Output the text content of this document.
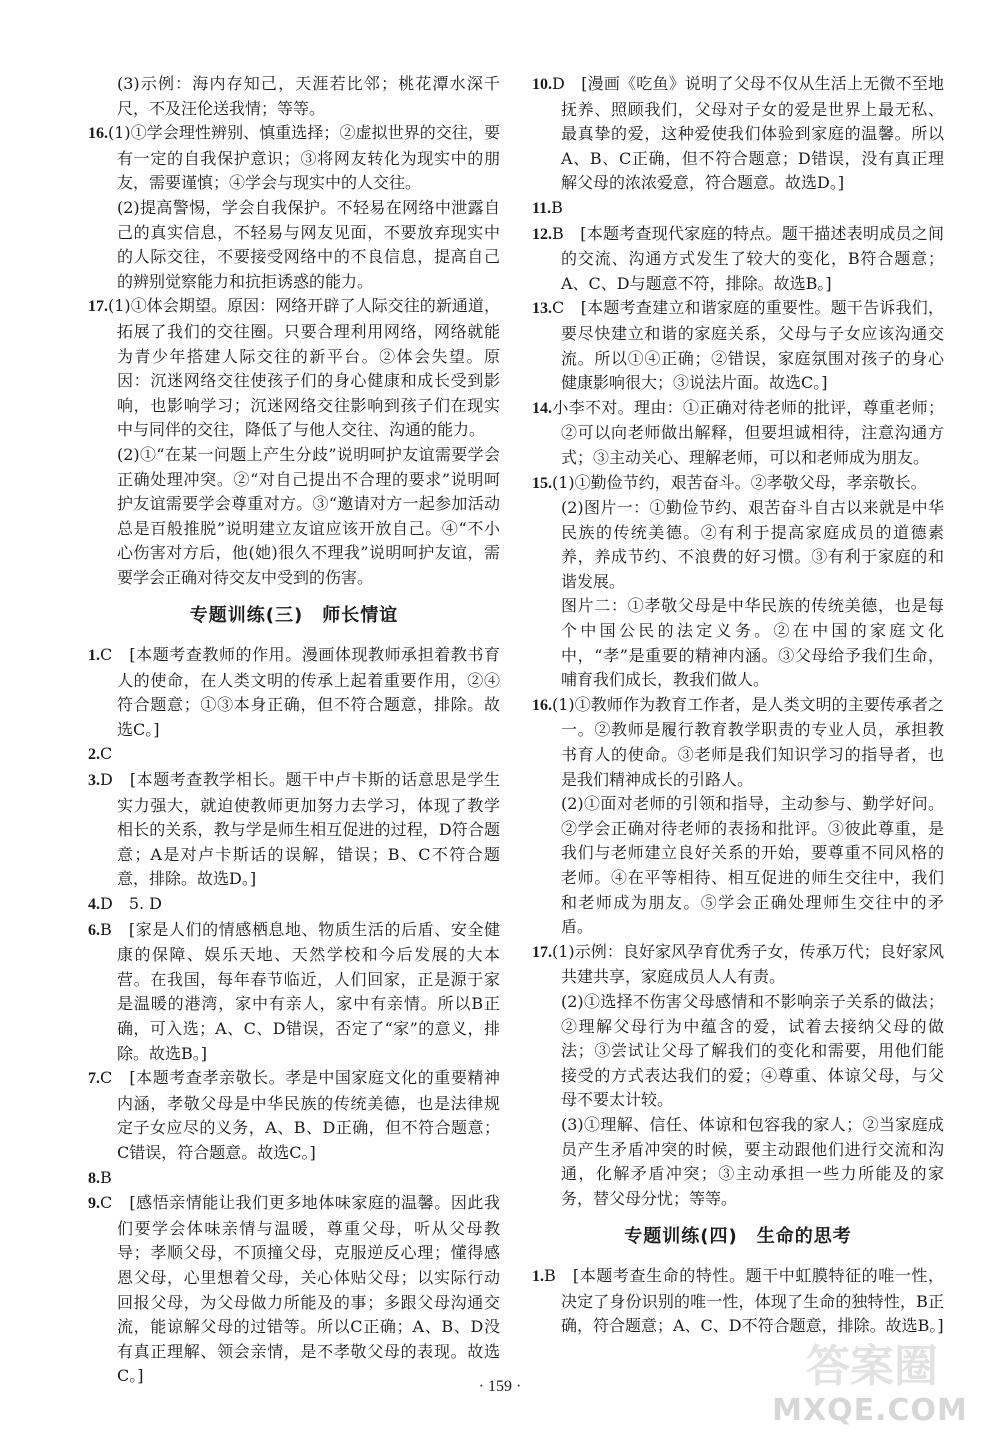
(3)示例：海内存知己，天涯若比邻；桃花潭水深千尺，不及汪伦送我情；等等。

16.(1)①学会理性辨别、慎重选择；②虚拟世界的交往，要有一定的自我保护意识；③将网友转化为现实中的朋友，需要谨慎；④学会与现实中的人交往。

(2)提高警惕，学会自我保护。不轻易在网络中泄露自己的真实信息，不轻易与网友见面，不要放弃现实中的人际交往，不要接受网络中的不良信息，提高自己的辨别觉察能力和抗拒诱惑的能力。

17.(1)①体会期望。原因：网络开辟了人际交往的新通道，拓展了我们的交往圈。只要合理利用网络，网络就能为青少年搭建人际交往的新平台。②体会失望。原因：沉迷网络交往使孩子们的身心健康和成长受到影响，也影响学习；沉迷网络交往影响到孩子们在现实中与同伴的交往，降低了与他人交往、沟通的能力。

(2)①“在某一问题上产生分歧”说明呵护友谊需要学会正确处理冲突。②“对自己提出不合理的要求”说明呵护友谊需要学会尊重对方。③“邀请对方一起参加活动总是百般推脱”说明建立友谊应该开放自己。④“不小心伤害对方后，他(她)很久不理我”说明呵护友谊，需要学会正确对待交友中受到的伤害。

专题训练(三)　师长情谊

1.C　[本题考查教师的作用。漫画体现教师承担着教书育人的使命，在人类文明的传承上起着重要作用，②④符合题意；①③本身正确，但不符合题意，排除。故选C。]

2.C

3.D　[本题考查教学相长。题干中卢卡斯的话意思是学生实力强大，就迫使教师更加努力去学习，体现了教学相长的关系，教与学是师生相互促进的过程，D符合题意；A是对卢卡斯话的误解，错误；B、C不符合题意，排除。故选D。]

4.D　5. D

6.B　[家是人们的情感栖息地、物质生活的后盾、安全健康的保障、娱乐天地、天然学校和今后发展的大本营。在我国，每年春节临近，人们回家，正是源于家是温暖的港湾，家中有亲人，家中有亲情。所以B正确，可入选；A、C、D错误，否定了“家”的意义，排除。故选B。]

7.C　[本题考查孝亲敬长。孝是中国家庭文化的重要精神内涵，孝敬父母是中华民族的传统美德，也是法律规定子女应尽的义务，A、B、D正确，但不符合题意；C错误，符合题意。故选C。]

8.B

9.C　[感悟亲情能让我们更多地体味家庭的温馨。因此我们要学会体味亲情与温暖，尊重父母，听从父母教导；孝顺父母，不顶撞父母，克服逆反心理；懂得感恩父母，心里想着父母，关心体贴父母；以实际行动回报父母，为父母做力所能及的事；多跟父母沟通交流，能谅解父母的过错等。所以C正确；A、B、D没有真正理解、领会亲情，是不孝敬父母的表现。故选C。]

10.D　[漫画《吃鱼》说明了父母不仅从生活上无微不至地抚养、照顾我们，父母对子女的爱是世界上最无私、最真挚的爱，这种爱使我们体验到家庭的温馨。所以A、B、C正确，但不符合题意；D错误，没有真正理解父母的浓浓爱意，符合题意。故选D。]

11.B

12.B　[本题考查现代家庭的特点。题干描述表明成员之间的交流、沟通方式发生了较大的变化，B符合题意；A、C、D与题意不符，排除。故选B。]

13.C　[本题考查建立和谐家庭的重要性。题干告诉我们，要尽快建立和谐的家庭关系，父母与子女应该沟通交流。所以①④正确；②错误，家庭氛围对孩子的身心健康影响很大；③说法片面。故选C。]

14.小李不对。理由：①正确对待老师的批评，尊重老师；②可以向老师做出解释，但要坦诚相待，注意沟通方式；③主动关心、理解老师，可以和老师成为朋友。

15.(1)①勤俭节约，艰苦奋斗。②孝敬父母，孝亲敬长。

(2)图片一：①勤俭节约、艰苦奋斗自古以来就是中华民族的传统美德。②有利于提高家庭成员的道德素养，养成节约、不浪费的好习惯。③有利于家庭的和谐发展。

图片二：①孝敬父母是中华民族的传统美德，也是每个中国公民的法定义务。②在中国的家庭文化中，“孝”是重要的精神内涵。③父母给予我们生命，哺育我们成长，教我们做人。

16.(1)①教师作为教育工作者，是人类文明的主要传承者之一。②教师是履行教育教学职责的专业人员，承担教书育人的使命。③老师是我们知识学习的指导者，也是我们精神成长的引路人。

(2)①面对老师的引领和指导，主动参与、勤学好问。②学会正确对待老师的表扬和批评。③彼此尊重，是我们与老师建立良好关系的开始，要尊重不同风格的老师。④在平等相待、相互促进的师生交往中，我们和老师成为朋友。⑤学会正确处理师生交往中的矛盾。

17.(1)示例：良好家风孕育优秀子女，传承万代；良好家风共建共享，家庭成员人人有责。

(2)①选择不伤害父母感情和不影响亲子关系的做法；②理解父母行为中蕴含的爱，试着去接纳父母的做法；③尝试让父母了解我们的变化和需要，用他们能接受的方式表达我们的爱；④尊重、体谅父母，与父母不要太计较。

(3)①理解、信任、体谅和包容我的家人；②当家庭成员产生矛盾冲突的时候，要主动跟他们进行交流和沟通，化解矛盾冲突；③主动承担一些力所能及的家务，替父母分忧；等等。

专题训练(四)　生命的思考

1.B　[本题考查生命的特性。题干中虹膜特征的唯一性，决定了身份识别的唯一性，体现了生命的独特性，B正确，符合题意；A、C、D不符合题意，排除。故选B。]

· 159 ·	答案圈
MXQE.COM
